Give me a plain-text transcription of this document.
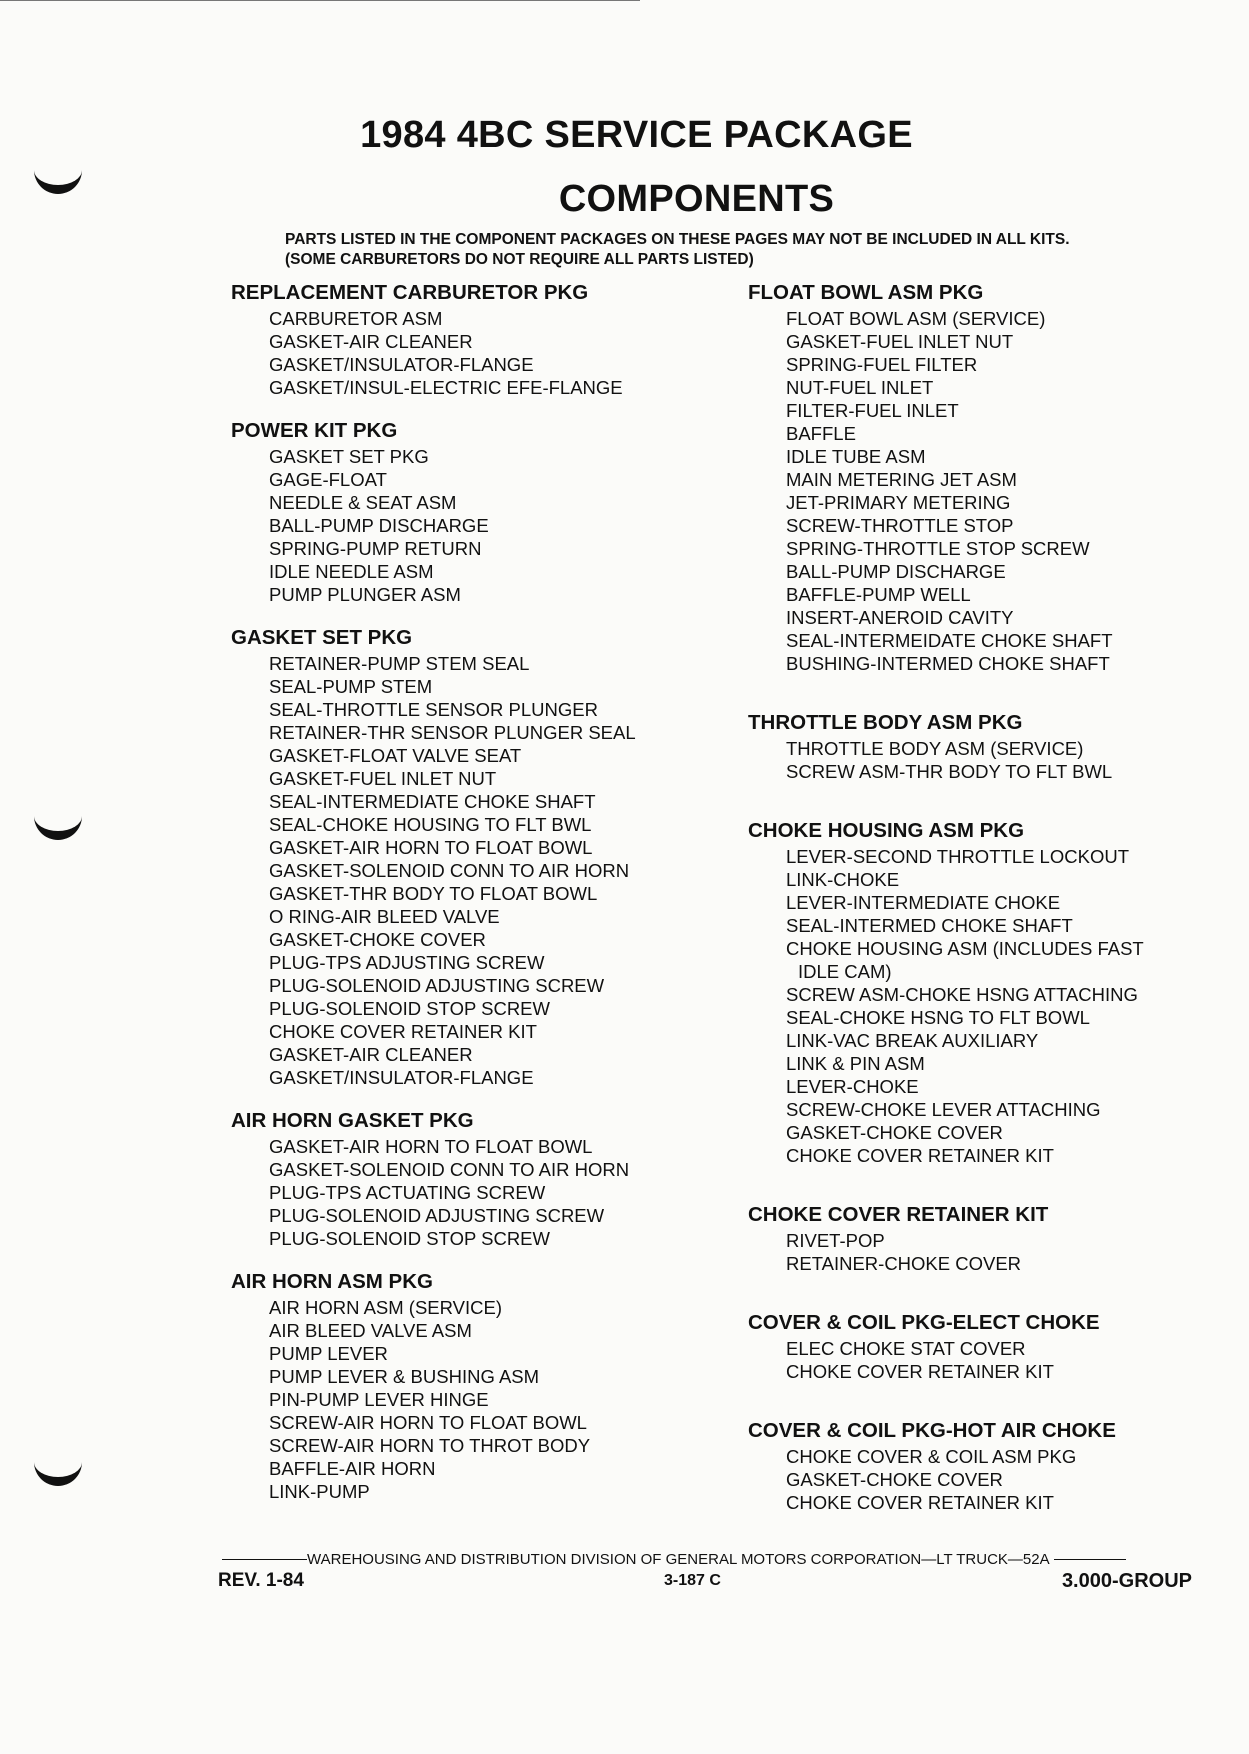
1984 4BC SERVICE PACKAGE
COMPONENTS
PARTS LISTED IN THE COMPONENT PACKAGES ON THESE PAGES MAY NOT BE INCLUDED IN ALL KITS.
(SOME CARBURETORS DO NOT REQUIRE ALL PARTS LISTED)
REPLACEMENT CARBURETOR PKG
CARBURETOR ASM
GASKET-AIR CLEANER
GASKET/INSULATOR-FLANGE
GASKET/INSUL-ELECTRIC EFE-FLANGE
POWER KIT PKG
GASKET SET PKG
GAGE-FLOAT
NEEDLE & SEAT ASM
BALL-PUMP DISCHARGE
SPRING-PUMP RETURN
IDLE NEEDLE ASM
PUMP PLUNGER ASM
GASKET SET PKG
RETAINER-PUMP STEM SEAL
SEAL-PUMP STEM
SEAL-THROTTLE SENSOR PLUNGER
RETAINER-THR SENSOR PLUNGER SEAL
GASKET-FLOAT VALVE SEAT
GASKET-FUEL INLET NUT
SEAL-INTERMEDIATE CHOKE SHAFT
SEAL-CHOKE HOUSING TO FLT BWL
GASKET-AIR HORN TO FLOAT BOWL
GASKET-SOLENOID CONN TO AIR HORN
GASKET-THR BODY TO FLOAT BOWL
O RING-AIR BLEED VALVE
GASKET-CHOKE COVER
PLUG-TPS ADJUSTING SCREW
PLUG-SOLENOID ADJUSTING SCREW
PLUG-SOLENOID STOP SCREW
CHOKE COVER RETAINER KIT
GASKET-AIR CLEANER
GASKET/INSULATOR-FLANGE
AIR HORN GASKET PKG
GASKET-AIR HORN TO FLOAT BOWL
GASKET-SOLENOID CONN TO AIR HORN
PLUG-TPS ACTUATING SCREW
PLUG-SOLENOID ADJUSTING SCREW
PLUG-SOLENOID STOP SCREW
AIR HORN ASM PKG
AIR HORN ASM (SERVICE)
AIR BLEED VALVE ASM
PUMP LEVER
PUMP LEVER & BUSHING ASM
PIN-PUMP LEVER HINGE
SCREW-AIR HORN TO FLOAT BOWL
SCREW-AIR HORN TO THROT BODY
BAFFLE-AIR HORN
LINK-PUMP
FLOAT BOWL ASM PKG
FLOAT BOWL ASM (SERVICE)
GASKET-FUEL INLET NUT
SPRING-FUEL FILTER
NUT-FUEL INLET
FILTER-FUEL INLET
BAFFLE
IDLE TUBE ASM
MAIN METERING JET ASM
JET-PRIMARY METERING
SCREW-THROTTLE STOP
SPRING-THROTTLE STOP SCREW
BALL-PUMP DISCHARGE
BAFFLE-PUMP WELL
INSERT-ANEROID CAVITY
SEAL-INTERMEIDATE CHOKE SHAFT
BUSHING-INTERMED CHOKE SHAFT
THROTTLE BODY ASM PKG
THROTTLE BODY ASM (SERVICE)
SCREW ASM-THR BODY TO FLT BWL
CHOKE HOUSING ASM PKG
LEVER-SECOND THROTTLE LOCKOUT
LINK-CHOKE
LEVER-INTERMEDIATE CHOKE
SEAL-INTERMED CHOKE SHAFT
CHOKE HOUSING ASM (INCLUDES FAST
IDLE CAM)
SCREW ASM-CHOKE HSNG ATTACHING
SEAL-CHOKE HSNG TO FLT BOWL
LINK-VAC BREAK AUXILIARY
LINK & PIN ASM
LEVER-CHOKE
SCREW-CHOKE LEVER ATTACHING
GASKET-CHOKE COVER
CHOKE COVER RETAINER KIT
CHOKE COVER RETAINER KIT
RIVET-POP
RETAINER-CHOKE COVER
COVER & COIL PKG-ELECT CHOKE
ELEC CHOKE STAT COVER
CHOKE COVER RETAINER KIT
COVER & COIL PKG-HOT AIR CHOKE
CHOKE COVER & COIL ASM PKG
GASKET-CHOKE COVER
CHOKE COVER RETAINER KIT
WAREHOUSING AND DISTRIBUTION DIVISION OF GENERAL MOTORS CORPORATION—LT TRUCK—52A
REV. 1-84	3-187 C	3.000-GROUP
